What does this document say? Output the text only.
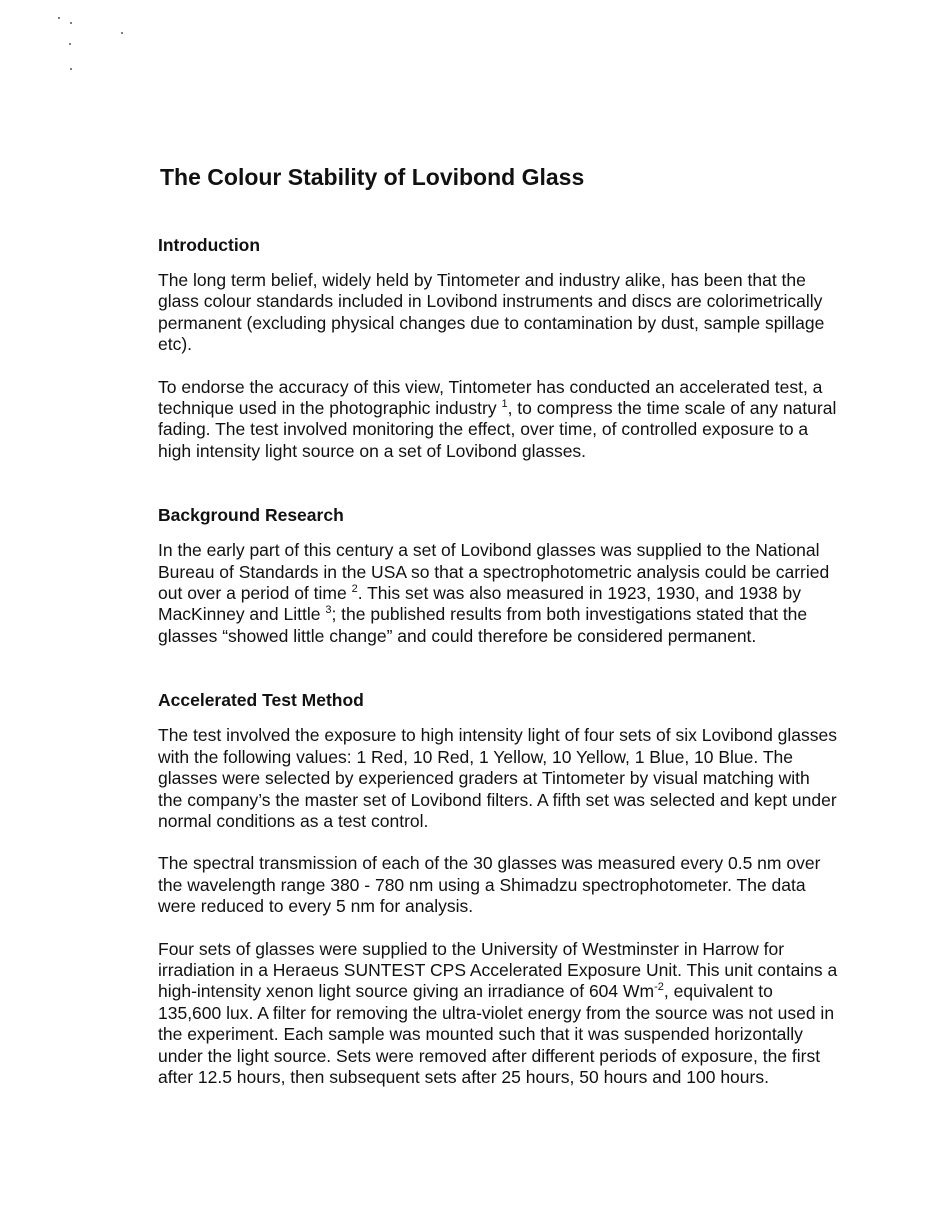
The Colour Stability of Lovibond Glass
Introduction

The long term belief, widely held by Tintometer and industry alike, has been that the glass colour standards included in Lovibond instruments and discs are colorimetrically permanent (excluding physical changes due to contamination by dust, sample spillage etc).

To endorse the accuracy of this view, Tintometer has conducted an accelerated test, a technique used in the photographic industry $^1$, to compress the time scale of any natural fading. The test involved monitoring the effect, over time, of controlled exposure to a high intensity light source on a set of Lovibond glasses.

Background Research

In the early part of this century a set of Lovibond glasses was supplied to the National Bureau of Standards in the USA so that a spectrophotometric analysis could be carried out over a period of time $^2$. This set was also measured in 1923, 1930, and 1938 by MacKinney and Little $^3$; the published results from both investigations stated that the glasses “showed little change” and could therefore be considered permanent.

Accelerated Test Method

The test involved the exposure to high intensity light of four sets of six Lovibond glasses with the following values: 1 Red, 10 Red, 1 Yellow, 10 Yellow, 1 Blue, 10 Blue. The glasses were selected by experienced graders at Tintometer by visual matching with the company’s the master set of Lovibond filters. A fifth set was selected and kept under normal conditions as a test control.

The spectral transmission of each of the 30 glasses was measured every 0.5 nm over the wavelength range 380 - 780 nm using a Shimadzu spectrophotometer. The data were reduced to every 5 nm for analysis.

Four sets of glasses were supplied to the University of Westminster in Harrow for irradiation in a Heraeus SUNTEST CPS Accelerated Exposure Unit. This unit contains a high-intensity xenon light source giving an irradiance of 604 $Wm^{-2}$, equivalent to 135,600 lux. A filter for removing the ultra-violet energy from the source was not used in the experiment. Each sample was mounted such that it was suspended horizontally under the light source. Sets were removed after different periods of exposure, the first after 12.5 hours, then subsequent sets after 25 hours, 50 hours and 100 hours.
